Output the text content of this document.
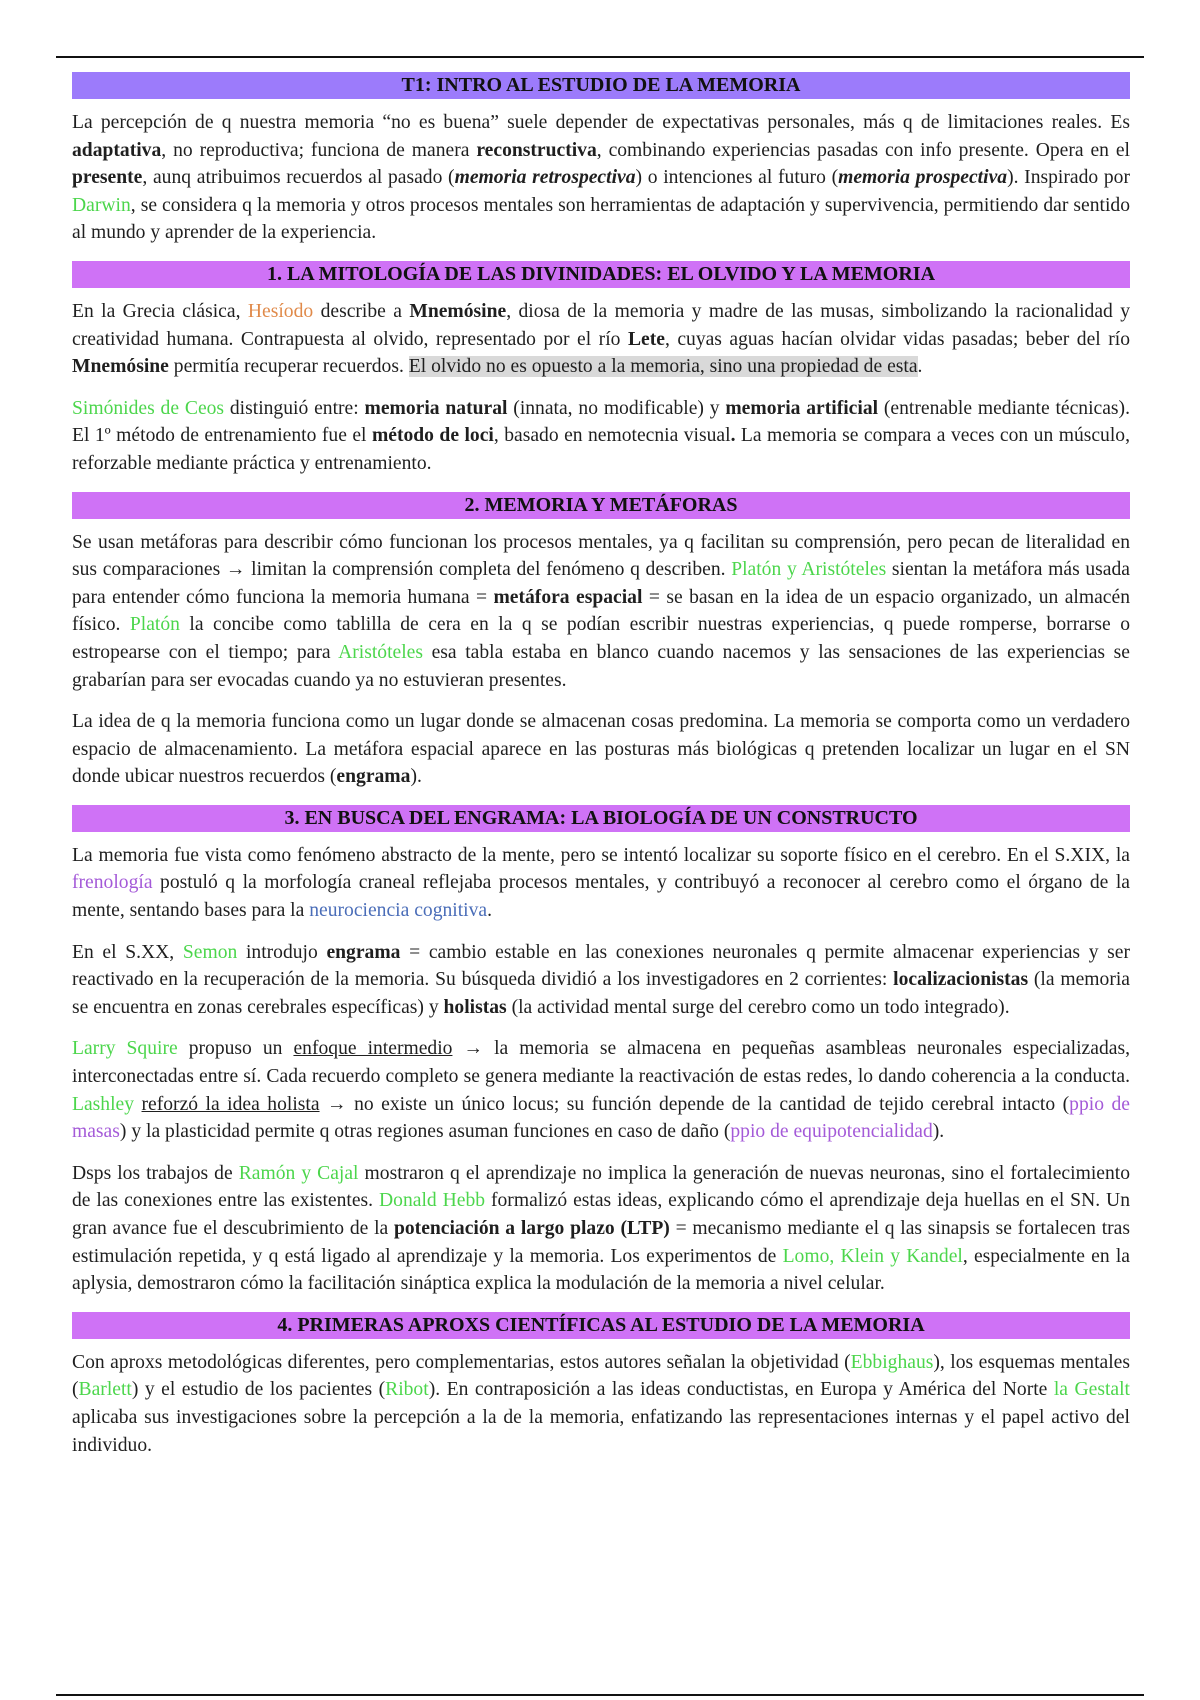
T1: INTRO AL ESTUDIO DE LA MEMORIA

La percepción de q nuestra memoria “no es buena” suele depender de expectativas personales, más q de limitaciones reales. Es adaptativa, no reproductiva; funciona de manera reconstructiva, combinando experiencias pasadas con info presente. Opera en el presente, aunq atribuimos recuerdos al pasado (memoria retrospectiva) o intenciones al futuro (memoria prospectiva). Inspirado por Darwin, se considera q la memoria y otros procesos mentales son herramientas de adaptación y supervivencia, permitiendo dar sentido al mundo y aprender de la experiencia.

1. LA MITOLOGÍA DE LAS DIVINIDADES: EL OLVIDO Y LA MEMORIA

En la Grecia clásica, Hesíodo describe a Mnemósine, diosa de la memoria y madre de las musas, simbolizando la racionalidad y creatividad humana. Contrapuesta al olvido, representado por el río Lete, cuyas aguas hacían olvidar vidas pasadas; beber del río Mnemósine permitía recuperar recuerdos. El olvido no es opuesto a la memoria, sino una propiedad de esta.

Simónides de Ceos distinguió entre: memoria natural (innata, no modificable) y memoria artificial (entrenable mediante técnicas). El 1º método de entrenamiento fue el método de loci, basado en nemotecnia visual. La memoria se compara a veces con un músculo, reforzable mediante práctica y entrenamiento.

2. MEMORIA Y METÁFORAS

Se usan metáforas para describir cómo funcionan los procesos mentales, ya q facilitan su comprensión, pero pecan de literalidad en sus comparaciones → limitan la comprensión completa del fenómeno q describen. Platón y Aristóteles sientan la metáfora más usada para entender cómo funciona la memoria humana = metáfora espacial = se basan en la idea de un espacio organizado, un almacén físico. Platón la concibe como tablilla de cera en la q se podían escribir nuestras experiencias, q puede romperse, borrarse o estropearse con el tiempo; para Aristóteles esa tabla estaba en blanco cuando nacemos y las sensaciones de las experiencias se grabarían para ser evocadas cuando ya no estuvieran presentes.

La idea de q la memoria funciona como un lugar donde se almacenan cosas predomina. La memoria se comporta como un verdadero espacio de almacenamiento. La metáfora espacial aparece en las posturas más biológicas q pretenden localizar un lugar en el SN donde ubicar nuestros recuerdos (engrama).

3. EN BUSCA DEL ENGRAMA: LA BIOLOGÍA DE UN CONSTRUCTO

La memoria fue vista como fenómeno abstracto de la mente, pero se intentó localizar su soporte físico en el cerebro. En el S.XIX, la frenología postuló q la morfología craneal reflejaba procesos mentales, y contribuyó a reconocer al cerebro como el órgano de la mente, sentando bases para la neurociencia cognitiva.

En el S.XX, Semon introdujo engrama = cambio estable en las conexiones neuronales q permite almacenar experiencias y ser reactivado en la recuperación de la memoria. Su búsqueda dividió a los investigadores en 2 corrientes: localizacionistas (la memoria se encuentra en zonas cerebrales específicas) y holistas (la actividad mental surge del cerebro como un todo integrado).

Larry Squire propuso un enfoque intermedio → la memoria se almacena en pequeñas asambleas neuronales especializadas, interconectadas entre sí. Cada recuerdo completo se genera mediante la reactivación de estas redes, lo dando coherencia a la conducta. Lashley reforzó la idea holista → no existe un único locus; su función depende de la cantidad de tejido cerebral intacto (ppio de masas) y la plasticidad permite q otras regiones asuman funciones en caso de daño (ppio de equipotencialidad).

Dsps los trabajos de Ramón y Cajal mostraron q el aprendizaje no implica la generación de nuevas neuronas, sino el fortalecimiento de las conexiones entre las existentes. Donald Hebb formalizó estas ideas, explicando cómo el aprendizaje deja huellas en el SN. Un gran avance fue el descubrimiento de la potenciación a largo plazo (LTP) = mecanismo mediante el q las sinapsis se fortalecen tras estimulación repetida, y q está ligado al aprendizaje y la memoria. Los experimentos de Lomo, Klein y Kandel, especialmente en la aplysia, demostraron cómo la facilitación sináptica explica la modulación de la memoria a nivel celular.

4. PRIMERAS APROXS CIENTÍFICAS AL ESTUDIO DE LA MEMORIA

Con aproxs metodológicas diferentes, pero complementarias, estos autores señalan la objetividad (Ebbighaus), los esquemas mentales (Barlett) y el estudio de los pacientes (Ribot). En contraposición a las ideas conductistas, en Europa y América del Norte la Gestalt aplicaba sus investigaciones sobre la percepción a la de la memoria, enfatizando las representaciones internas y el papel activo del individuo.
